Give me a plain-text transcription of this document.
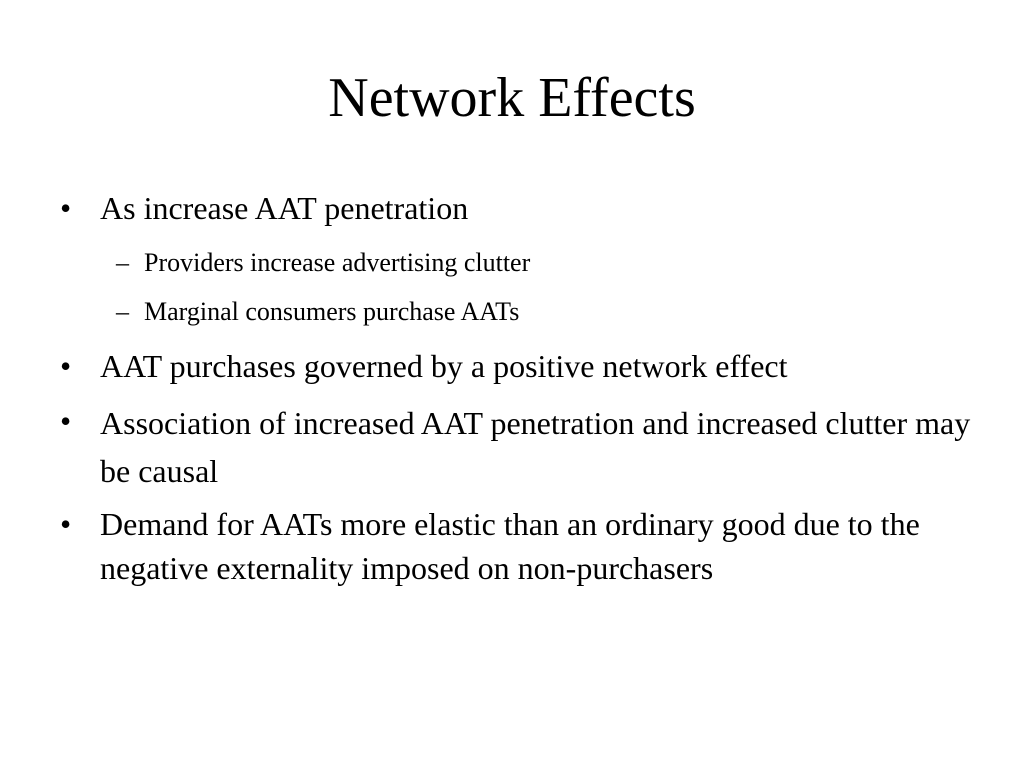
Network Effects
• As increase AAT penetration
– Providers increase advertising clutter
– Marginal consumers purchase AATs
• AAT purchases governed by a positive network effect
• Association of increased AAT penetration and increased clutter may be causal
• Demand for AATs more elastic than an ordinary good due to the negative externality imposed on non-purchasers
